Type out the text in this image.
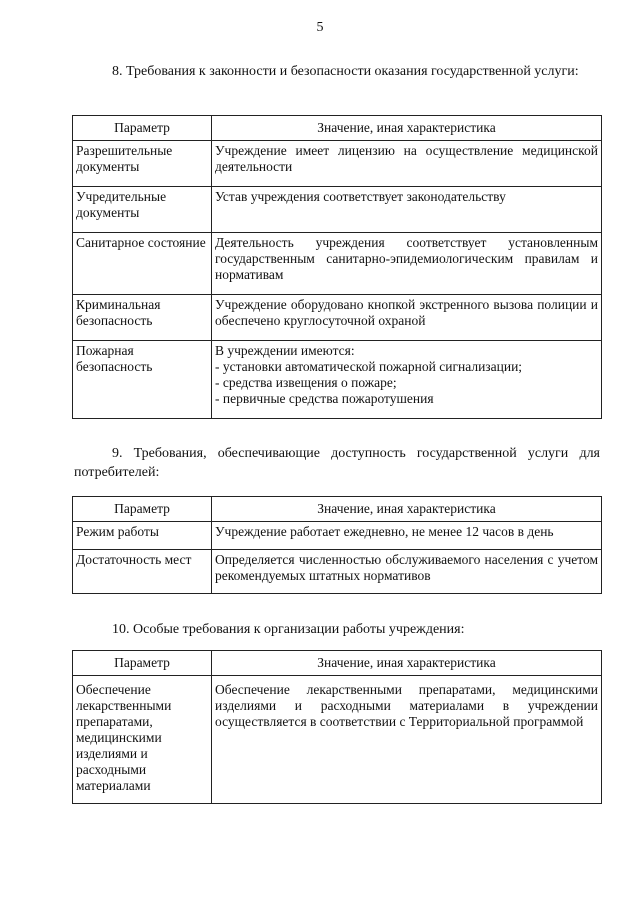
5
8. Требования к законности и безопасности оказания государственной услуги:
Параметр	Значение, иная характеристика
Разрешительные документы	Учреждение имеет лицензию на осуществление медицинской деятельности
Учредительные документы	Устав учреждения соответствует законодательству
Санитарное состояние	Деятельность учреждения соответствует установленным государственным санитарно-эпидемиологическим правилам и нормативам
Криминальная безопасность	Учреждение оборудовано кнопкой экстренного вызова полиции и обеспечено круглосуточной охраной
Пожарная безопасность	В учреждении имеются:
- установки автоматической пожарной сигнализации;
- средства извещения о пожаре;
- первичные средства пожаротушения
9. Требования, обеспечивающие доступность государственной услуги для потребителей:
Параметр	Значение, иная характеристика
Режим работы	Учреждение работает ежедневно, не менее 12 часов в день
Достаточность мест	Определяется численностью обслуживаемого населения с учетом рекомендуемых штатных нормативов
10. Особые требования к организации работы учреждения:
Параметр	Значение, иная характеристика
Обеспечение лекарственными препаратами, медицинскими изделиями и расходными материалами	Обеспечение лекарственными препаратами, медицинскими изделиями и расходными материалами в учреждении осуществляется в соответствии с Территориальной программой
